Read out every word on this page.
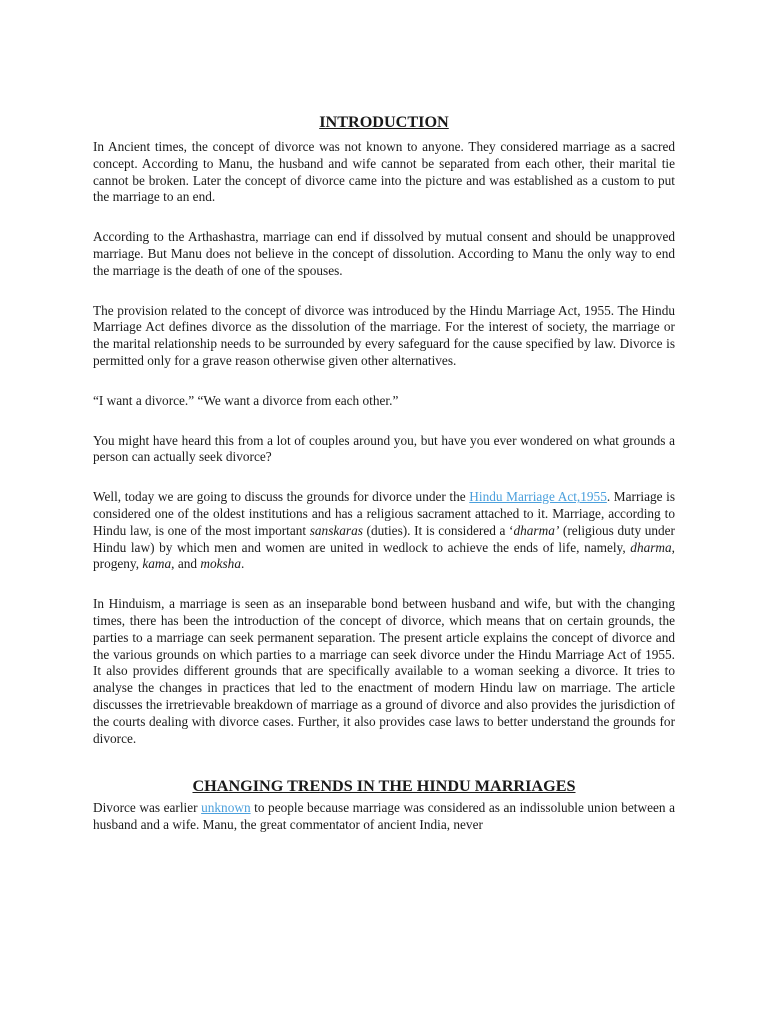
INTRODUCTION

In Ancient times, the concept of divorce was not known to anyone. They considered marriage as a sacred concept. According to Manu, the husband and wife cannot be separated from each other, their marital tie cannot be broken. Later the concept of divorce came into the picture and was established as a custom to put the marriage to an end.

According to the Arthashastra, marriage can end if dissolved by mutual consent and should be unapproved marriage. But Manu does not believe in the concept of dissolution. According to Manu the only way to end the marriage is the death of one of the spouses.

The provision related to the concept of divorce was introduced by the Hindu Marriage Act, 1955. The Hindu Marriage Act defines divorce as the dissolution of the marriage. For the interest of society, the marriage or the marital relationship needs to be surrounded by every safeguard for the cause specified by law. Divorce is permitted only for a grave reason otherwise given other alternatives.

“I want a divorce.” “We want a divorce from each other.”

You might have heard this from a lot of couples around you, but have you ever wondered on what grounds a person can actually seek divorce?

Well, today we are going to discuss the grounds for divorce under the Hindu Marriage Act,1955. Marriage is considered one of the oldest institutions and has a religious sacrament attached to it. Marriage, according to Hindu law, is one of the most important sanskaras (duties). It is considered a ‘dharma’ (religious duty under Hindu law) by which men and women are united in wedlock to achieve the ends of life, namely, dharma, progeny, kama, and moksha.

In Hinduism, a marriage is seen as an inseparable bond between husband and wife, but with the changing times, there has been the introduction of the concept of divorce, which means that on certain grounds, the parties to a marriage can seek permanent separation. The present article explains the concept of divorce and the various grounds on which parties to a marriage can seek divorce under the Hindu Marriage Act of 1955. It also provides different grounds that are specifically available to a woman seeking a divorce. It tries to analyse the changes in practices that led to the enactment of modern Hindu law on marriage. The article discusses the irretrievable breakdown of marriage as a ground of divorce and also provides the jurisdiction of the courts dealing with divorce cases. Further, it also provides case laws to better understand the grounds for divorce.

CHANGING TRENDS IN THE HINDU MARRIAGES

Divorce was earlier unknown to people because marriage was considered as an indissoluble union between a husband and a wife. Manu, the great commentator of ancient India, never
